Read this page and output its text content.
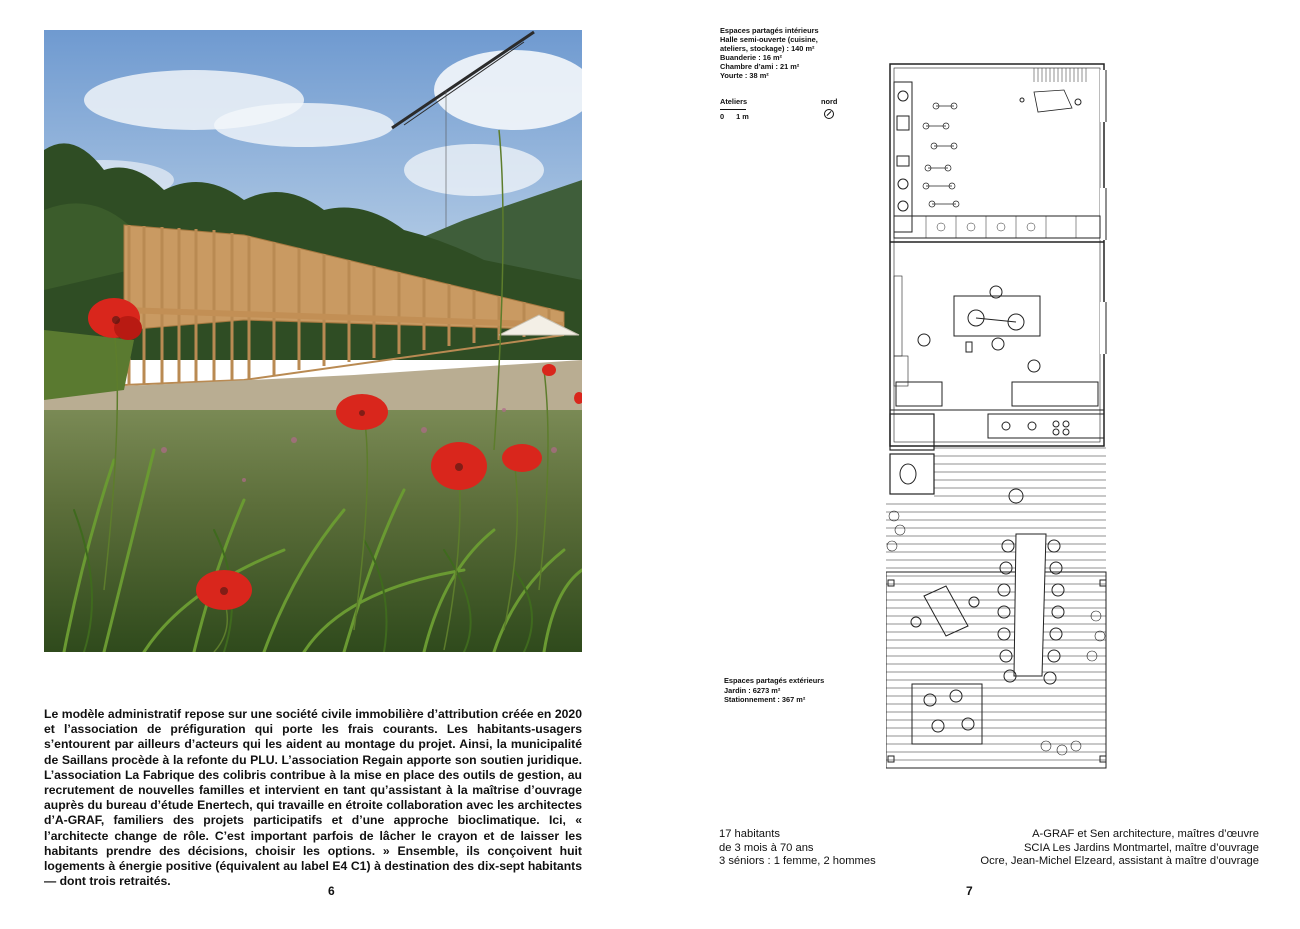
Le modèle administratif repose sur une société civile immobilière d’attribution créée en 2020 et l’association de préfiguration qui porte les frais courants. Les habitants-usagers s’entourent par ailleurs d’acteurs qui les aident au montage du projet. Ainsi, la municipalité de Saillans procède à la refonte du PLU. L’association Regain apporte son soutien juridique. L’association La Fabrique des colibris contribue à la mise en place des outils de gestion, au recrutement de nouvelles familles et intervient en tant qu’assistant à la maîtrise d’ouvrage auprès du bureau d’étude Enertech, qui travaille en étroite collaboration avec les architectes d’A-GRAF, familiers des projets participatifs et d’une approche bioclimatique. Ici, « l’architecte change de rôle. C’est important parfois de lâcher le crayon et de laisser les habitants prendre des décisions, choisir les options. » Ensemble, ils conçoivent huit logements à énergie positive (équivalent au label E4 C1) à destination des dix-sept habitants — dont trois retraités.

6
Espaces partagés intérieurs
Halle semi-ouverte (cuisine,
ateliers, stockage) : 140 m²
Buanderie : 16 m²
Chambre d’ami : 21 m²
Yourte : 38 m²
Ateliers
0 1 m
nord
Espaces partagés extérieurs
Jardin : 6273 m²
Stationnement : 367 m²
17 habitants
de 3 mois à 70 ans
3 séniors : 1 femme, 2 hommes
A-GRAF et Sen architecture, maîtres d’œuvre
SCIA Les Jardins Montmartel, maître d’ouvrage
Ocre, Jean-Michel Elzeard, assistant à maître d’ouvrage
7
